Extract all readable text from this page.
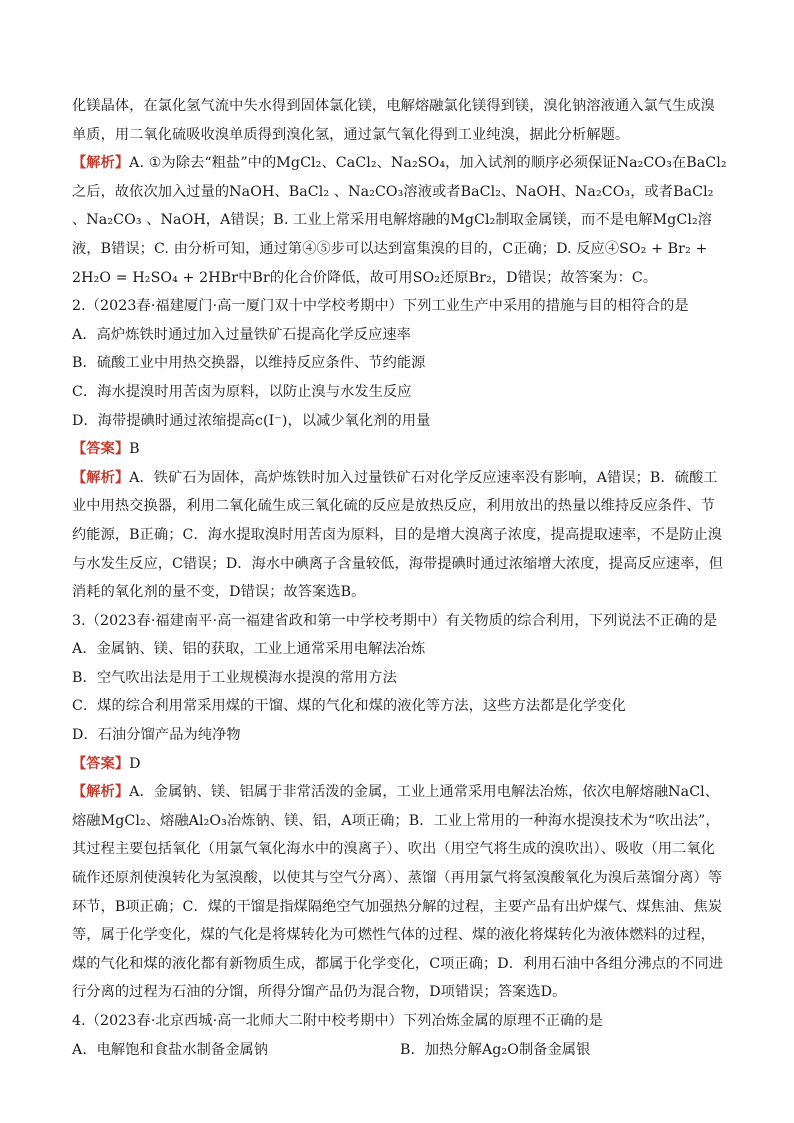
化镁晶体，在氯化氢气流中失水得到固体氯化镁，电解熔融氯化镁得到镁，溴化钠溶液通入氯气生成溴单质，用二氧化硫吸收溴单质得到溴化氢，通过氯气氧化得到工业纯溴，据此分析解题。

【解析】A. ①为除去“粗盐”中的MgCl₂、CaCl₂、Na₂SO₄，加入试剂的顺序必须保证Na₂CO₃在BaCl₂之后，故依次加入过量的NaOH、BaCl₂ 、Na₂CO₃溶液或者BaCl₂、NaOH、Na₂CO₃，或者BaCl₂ 、Na₂CO₃ 、NaOH，A错误；B. 工业上常采用电解熔融的MgCl₂制取金属镁，而不是电解MgCl₂溶液，B错误；C. 由分析可知，通过第④⑤步可以达到富集溴的目的，C正确；D. 反应④SO₂ + Br₂ + 2H₂O = H₂SO₄ + 2HBr中Br的化合价降低，故可用SO₂还原Br₂，D错误；故答案为：C。

2.（2023春·福建厦门·高一厦门双十中学校考期中）下列工业生产中采用的措施与目的相符合的是

A．高炉炼铁时通过加入过量铁矿石提高化学反应速率

B．硫酸工业中用热交换器，以维持反应条件、节约能源

C．海水提溴时用苦卤为原料，以防止溴与水发生反应

D．海带提碘时通过浓缩提高c(I⁻)，以减少氧化剂的用量

【答案】B

【解析】A．铁矿石为固体，高炉炼铁时加入过量铁矿石对化学反应速率没有影响，A错误；B．硫酸工业中用热交换器，利用二氧化硫生成三氧化硫的反应是放热反应，利用放出的热量以维持反应条件、节约能源，B正确；C．海水提取溴时用苦卤为原料，目的是增大溴离子浓度，提高提取速率，不是防止溴与水发生反应，C错误；D．海水中碘离子含量较低，海带提碘时通过浓缩增大浓度，提高反应速率，但消耗的氧化剂的量不变，D错误；故答案选B。

3.（2023春·福建南平·高一福建省政和第一中学校考期中）有关物质的综合利用，下列说法不正确的是

A．金属钠、镁、铝的获取，工业上通常采用电解法冶炼

B．空气吹出法是用于工业规模海水提溴的常用方法

C．煤的综合利用常采用煤的干馏、煤的气化和煤的液化等方法，这些方法都是化学变化

D．石油分馏产品为纯净物

【答案】D

【解析】A．金属钠、镁、铝属于非常活泼的金属，工业上通常采用电解法冶炼，依次电解熔融NaCl、熔融MgCl₂、熔融Al₂O₃冶炼钠、镁、铝，A项正确；B．工业上常用的一种海水提溴技术为“吹出法”，其过程主要包括氧化（用氯气氧化海水中的溴离子）、吹出（用空气将生成的溴吹出）、吸收（用二氧化硫作还原剂使溴转化为氢溴酸，以使其与空气分离）、蒸馏（再用氯气将氢溴酸氧化为溴后蒸馏分离）等环节，B项正确；C．煤的干馏是指煤隔绝空气加强热分解的过程，主要产品有出炉煤气、煤焦油、焦炭等，属于化学变化，煤的气化是将煤转化为可燃性气体的过程、煤的液化将煤转化为液体燃料的过程，煤的气化和煤的液化都有新物质生成，都属于化学变化，C项正确；D．利用石油中各组分沸点的不同进行分离的过程为石油的分馏，所得分馏产品仍为混合物，D项错误；答案选D。

4.（2023春·北京西城·高一北师大二附中校考期中）下列冶炼金属的原理不正确的是

A．电解饱和食盐水制备金属钠	B．加热分解Ag₂O制备金属银
